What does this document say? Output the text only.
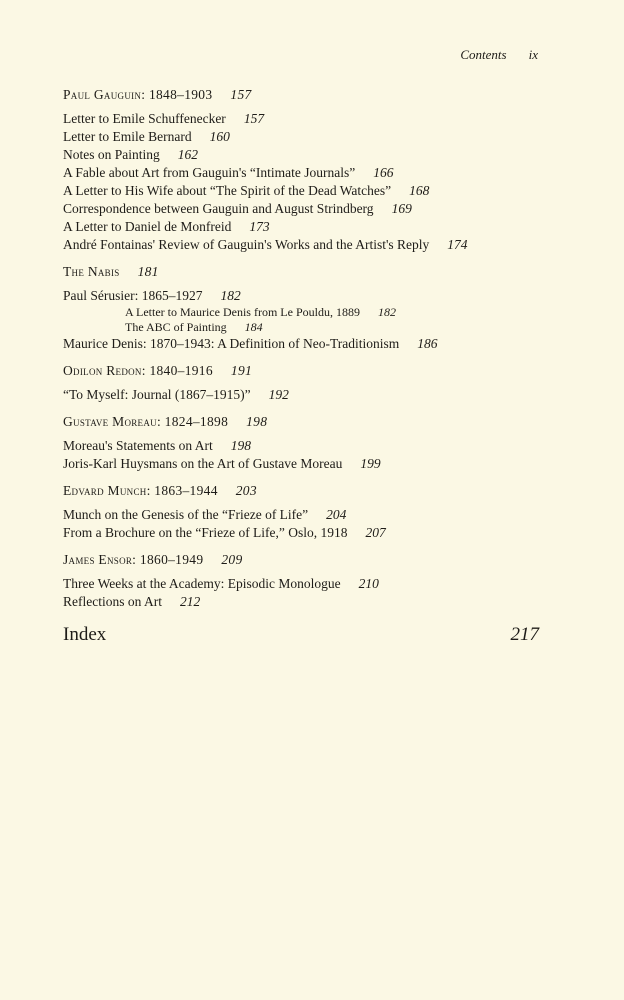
Contents ix
Paul Gauguin: 1848–1903 157
Letter to Emile Schuffenecker 157
Letter to Emile Bernard 160
Notes on Painting 162
A Fable about Art from Gauguin's “Intimate Journals” 166
A Letter to His Wife about “The Spirit of the Dead Watches” 168
Correspondence between Gauguin and August Strindberg 169
A Letter to Daniel de Monfreid 173
André Fontainas' Review of Gauguin's Works and the Artist's Reply 174
The Nabis 181
Paul Sérusier: 1865–1927 182
A Letter to Maurice Denis from Le Pouldu, 1889 182
The ABC of Painting 184
Maurice Denis: 1870–1943: A Definition of Neo-Traditionism 186
Odilon Redon: 1840–1916 191
“To Myself: Journal (1867–1915)” 192
Gustave Moreau: 1824–1898 198
Moreau's Statements on Art 198
Joris-Karl Huysmans on the Art of Gustave Moreau 199
Edvard Munch: 1863–1944 203
Munch on the Genesis of the “Frieze of Life” 204
From a Brochure on the “Frieze of Life,” Oslo, 1918 207
James Ensor: 1860–1949 209
Three Weeks at the Academy: Episodic Monologue 210
Reflections on Art 212
Index	217
